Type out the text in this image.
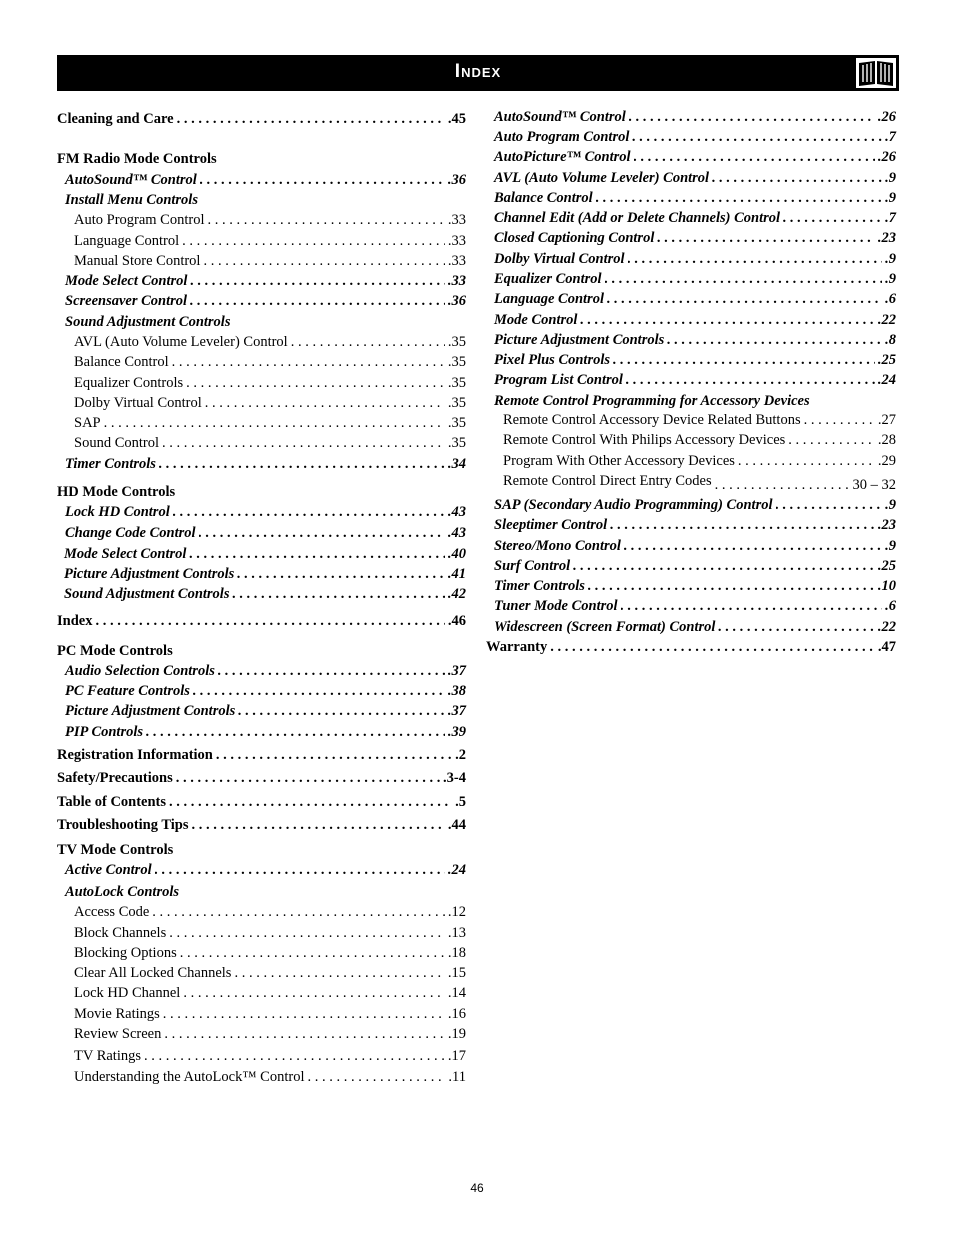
Index
Cleaning and Care . . .	.45
FM Radio Mode Controls
AutoSound™ Control . . .	.36
Install Menu Controls
Auto Program Control . . .	.33
Language Control . . .	.33
Manual Store Control . . .	.33
Mode Select Control . . .	.33
Screensaver Control . . .	.36
Sound Adjustment Controls
AVL (Auto Volume Leveler) Control . . .	.35
Balance Control . . .	.35
Equalizer Controls . . .	.35
Dolby Virtual Control . . .	.35
SAP . . .	.35
Sound Control . . .	.35
Timer Controls . . .	.34
HD Mode Controls
Lock HD Control . . .	.43
Change Code Control . . .	.43
Mode Select Control . . .	.40
Picture Adjustment Controls . . .	.41
Sound Adjustment Controls . . .	.42
Index . . .	.46
PC Mode Controls
Audio Selection Controls . . .	.37
PC Feature Controls . . .	.38
Picture Adjustment Controls . . .	.37
PIP Controls . . .	.39
Registration Information . . .	.2
Safety/Precautions . . .	.3-4
Table of Contents . . .	.5
Troubleshooting Tips . . .	.44
TV Mode Controls
Active Control . . .	.24
AutoLock Controls
Access Code . . .	.12
Block Channels . . .	.13
Blocking Options . . .	.18
Clear All Locked Channels . . .	.15
Lock HD Channel . . .	.14
Movie Ratings . . .	.16
Review Screen . . .	.19
TV Ratings . . .	.17
Understanding the AutoLock™ Control . . .	.11
AutoSound™ Control . . .	.26
Auto Program Control . . .	.7
AutoPicture™ Control . . .	.26
AVL (Auto Volume Leveler) Control . . .	.9
Balance Control . . .	.9
Channel Edit (Add or Delete Channels) Control . . .	.7
Closed Captioning Control . . .	.23
Dolby Virtual Control . . .	.9
Equalizer Control . . .	.9
Language Control . . .	.6
Mode Control . . .	.22
Picture Adjustment Controls . . .	.8
Pixel Plus Controls . . .	.25
Program List Control . . .	.24
Remote Control Programming for Accessory Devices
Remote Control Accessory Device Related Buttons . . .	.27
Remote Control With Philips Accessory Devices . . .	.28
Program With Other Accessory Devices . . .	.29
Remote Control Direct Entry Codes . . .	30 – 32
SAP (Secondary Audio Programming) Control . . .	.9
Sleeptimer Control . . .	.23
Stereo/Mono Control . . .	.9
Surf Control . . .	.25
Timer Controls . . .	.10
Tuner Mode Control . . .	.6
Widescreen (Screen Format) Control . . .	.22
Warranty . . .	.47
46
